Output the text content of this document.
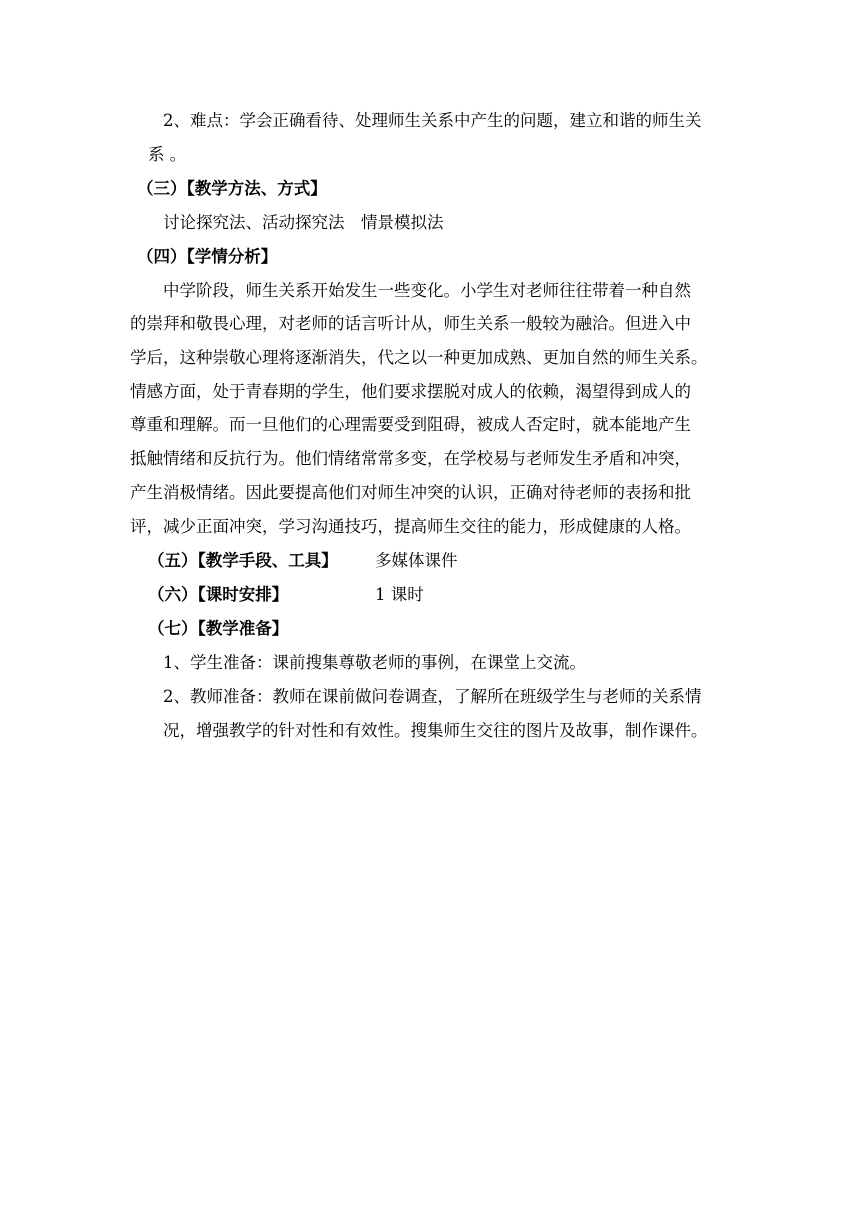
2、难点：学会正确看待、处理师生关系中产生的问题，建立和谐的师生关
系 。
（三）【教学方法、方式】
讨论探究法、活动探究法　情景模拟法
（四）【学情分析】
中学阶段，师生关系开始发生一些变化。小学生对老师往往带着一种自然
的崇拜和敬畏心理，对老师的话言听计从，师生关系一般较为融洽。但进入中
学后，这种崇敬心理将逐渐消失，代之以一种更加成熟、更加自然的师生关系。
情感方面，处于青春期的学生，他们要求摆脱对成人的依赖，渴望得到成人的
尊重和理解。而一旦他们的心理需要受到阻碍，被成人否定时，就本能地产生
抵触情绪和反抗行为。他们情绪常常多变，在学校易与老师发生矛盾和冲突，
产生消极情绪。因此要提高他们对师生冲突的认识，正确对待老师的表扬和批
评，减少正面冲突，学习沟通技巧，提高师生交往的能力，形成健康的人格。
（五）【教学手段、工具】 多媒体课件
（六）【课时安排】	1 课时
（七）【教学准备】
1、学生准备：课前搜集尊敬老师的事例，在课堂上交流。
2、教师准备：教师在课前做问卷调查，了解所在班级学生与老师的关系情
况，增强教学的针对性和有效性。搜集师生交往的图片及故事，制作课件。
